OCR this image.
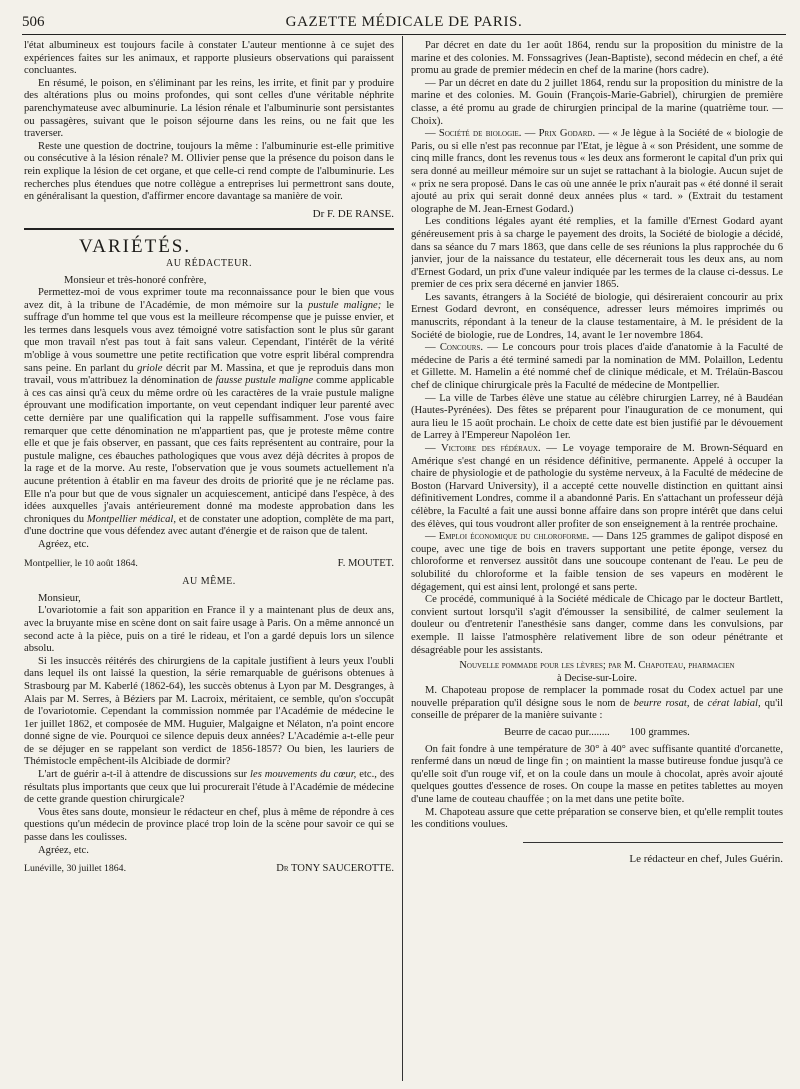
506	GAZETTE MÉDICALE DE PARIS.

l'état albumineux est toujours facile à constater L'auteur mentionne à ce sujet des expériences faites sur les animaux, et rapporte plusieurs observations qui paraissent concluantes.

En résumé, le poison, en s'éliminant par les reins, les irrite, et finit par y produire des altérations plus ou moins profondes, qui sont celles d'une véritable néphrite parenchymateuse avec albuminurie. La lésion rénale et l'albuminurie sont persistantes ou passagères, suivant que le poison séjourne dans les reins, ou ne fait que les traverser.

Reste une question de doctrine, toujours la même : l'albuminurie est-elle primitive ou consécutive à la lésion rénale? M. Ollivier pense que la présence du poison dans le rein explique la lésion de cet organe, et que celle-ci rend compte de l'albuminurie. Les recherches plus étendues que notre collègue a entreprises lui permettront sans doute, en généralisant la question, d'affirmer encore davantage sa manière de voir.

Dr F. DE RANSE.
VARIÉTÉS.

AU RÉDACTEUR.

Monsieur et très-honoré confrère,

Permettez-moi de vous exprimer toute ma reconnaissance pour le bien que vous avez dit, à la tribune de l'Académie, de mon mémoire sur la pustule maligne; le suffrage d'un homme tel que vous est la meilleure récompense que je puisse envier, et les termes dans lesquels vous avez témoigné votre satisfaction sont le plus sûr garant que mon travail n'est pas tout à fait sans valeur. Cependant, l'intérêt de la vérité m'oblige à vous soumettre une petite rectification que votre esprit libéral comprendra sans peine. En parlant du griole décrit par M. Massina, et que je reproduis dans mon travail, vous m'attribuez la dénomination de fausse pustule maligne comme applicable à ces cas ainsi qu'à ceux du même ordre où les caractères de la vraie pustule maligne éprouvant une modification importante, on veut cependant indiquer leur parenté avec cette dernière par une qualification qui la rappelle suffisamment. J'ose vous faire remarquer que cette dénomination ne m'appartient pas, que je proteste même contre elle et que je fais observer, en passant, que ces faits représentent au contraire, pour la pustule maligne, ces ébauches pathologiques que vous avez déjà décrites à propos de la rage et de la morve. Au reste, l'observation que je vous soumets actuellement n'a aucune prétention à établir en ma faveur des droits de priorité que je ne réclame pas. Elle n'a pour but que de vous signaler un acquiescement, anticipé dans l'espèce, à des idées auxquelles j'avais antérieurement donné ma modeste approbation dans les chroniques du Montpellier médical, et de constater une adoption, complète de ma part, d'une doctrine que vous défendez avec autant d'énergie et de raison que de talent.

Agréez, etc.

Montpellier, le 10 août 1864.	F. MOUTET.

AU MÊME.

Monsieur,

L'ovariotomie a fait son apparition en France il y a maintenant plus de deux ans, avec la bruyante mise en scène dont on sait faire usage à Paris. On a même annoncé un second acte à la pièce, puis on a tiré le rideau, et l'on a gardé depuis lors un silence absolu.

Si les insuccès réitérés des chirurgiens de la capitale justifient à leurs yeux l'oubli dans lequel ils ont laissé la question, la série remarquable de guérisons obtenues à Strasbourg par M. Kaberlé (1862-64), les succès obtenus à Lyon par M. Desgranges, à Alais par M. Serres, à Béziers par M. Lacroix, méritaient, ce semble, qu'on s'occupât de l'ovariotomie. Cependant la commission nommée par l'Académie de médecine le 1er juillet 1862, et composée de MM. Huguier, Malgaigne et Nélaton, n'a point encore donné signe de vie. Pourquoi ce silence depuis deux années? L'Académie a-t-elle peur de se déjuger en se rappelant son verdict de 1856-1857? Ou bien, les lauriers de Thémistocle empêchent-ils Alcibiade de dormir?

L'art de guérir a-t-il à attendre de discussions sur les mouvements du cœur, etc., des résultats plus importants que ceux que lui procurerait l'étude à l'Académie de médecine de cette grande question chirurgicale?

Vous êtes sans doute, monsieur le rédacteur en chef, plus à même de répondre à ces questions qu'un médecin de province placé trop loin de la scène pour savoir ce qui se passe dans les coulisses.

Agréez, etc.

Lunéville, 30 juillet 1864.	Dr TONY SAUCEROTTE.

Par décret en date du 1er août 1864, rendu sur la proposition du ministre de la marine et des colonies. M. Fonssagrives (Jean-Baptiste), second médecin en chef, a été promu au grade de premier médecin en chef de la marine (hors cadre).

— Par un décret en date du 2 juillet 1864, rendu sur la proposition du ministre de la marine et des colonies. M. Gouin (François-Marie-Gabriel), chirurgien de première classe, a été promu au grade de chirurgien principal de la marine (quatrième tour. — Choix).

— Société de biologie. — Prix Godard. — « Je lègue à la Société de « biologie de Paris, ou si elle n'est pas reconnue par l'Etat, je lègue à « son Président, une somme de cinq mille francs, dont les revenus tous « les deux ans formeront le capital d'un prix qui sera donné au meilleur mémoire sur un sujet se rattachant à la biologie. Aucun sujet de « prix ne sera proposé. Dans le cas où une année le prix n'aurait pas « été donné il serait ajouté au prix qui serait donné deux années plus « tard. » (Extrait du testament olographe de M. Jean-Ernest Godard.)

Les conditions légales ayant été remplies, et la famille d'Ernest Godard ayant généreusement pris à sa charge le payement des droits, la Société de biologie a décidé, dans sa séance du 7 mars 1863, que dans celle de ses réunions la plus rapprochée du 6 janvier, jour de la naissance du testateur, elle décernerait tous les deux ans, au nom d'Ernest Godard, un prix d'une valeur indiquée par les termes de la clause ci-dessus. Le premier de ces prix sera décerné en janvier 1865.

Les savants, étrangers à la Société de biologie, qui désireraient concourir au prix Ernest Godard devront, en conséquence, adresser leurs mémoires imprimés ou manuscrits, répondant à la teneur de la clause testamentaire, à M. le président de la Société de biologie, rue de Londres, 14, avant le 1er novembre 1864.

— Concours. — Le concours pour trois places d'aide d'anatomie à la Faculté de médecine de Paris a été terminé samedi par la nomination de MM. Polaillon, Ledentu et Gillette. M. Hamelin a été nommé chef de clinique médicale, et M. Trélaün-Bascou chef de clinique chirurgicale près la Faculté de médecine de Montpellier.

— La ville de Tarbes élève une statue au célèbre chirurgien Larrey, né à Baudéan (Hautes-Pyrénées). Des fêtes se préparent pour l'inauguration de ce monument, qui aura lieu le 15 août prochain. Le choix de cette date est bien justifié par le dévouement de Larrey à l'Empereur Napoléon 1er.

— Victoire des fédéraux. — Le voyage temporaire de M. Brown-Séquard en Amérique s'est changé en un résidence définitive, permanente. Appelé à occuper la chaire de physiologie et de pathologie du système nerveux, à la Faculté de médecine de Boston (Harvard University), il a accepté cette nouvelle distinction en quittant ainsi définitivement Londres, comme il a abandonné Paris. En s'attachant un professeur déjà célèbre, la Faculté a fait une aussi bonne affaire dans son propre intérêt que dans celui des élèves, qui tous voudront aller profiter de son enseignement à la rentrée prochaine.

— Emploi économique du chloroforme. — Dans 125 grammes de galipot disposé en coupe, avec une tige de bois en travers supportant une petite éponge, versez du chloroforme et renversez aussitôt dans une soucoupe contenant de l'eau. Le peu de solubilité du chloroforme et la faible tension de ses vapeurs en modèrent le dégagement, qui est ainsi lent, prolongé et sans perte.

Ce procédé, communiqué à la Société médicale de Chicago par le docteur Bartlett, convient surtout lorsqu'il s'agit d'émousser la sensibilité, de calmer seulement la douleur ou d'entretenir l'anesthésie sans danger, comme dans les convulsions, par exemple. Il laisse l'atmosphère relativement libre de son odeur pénétrante et désagréable pour les assistants.

Nouvelle pommade pour les lèvres; par M. Chapoteau, pharmacien

à Decise-sur-Loire.

M. Chapoteau propose de remplacer la pommade rosat du Codex actuel par une nouvelle préparation qu'il désigne sous le nom de beurre rosat, de cérat labial, qu'il conseille de préparer de la manière suivante :

Beurre de cacao pur........ 100 grammes.

On fait fondre à une température de 30° à 40° avec suffisante quantité d'orcanette, renfermé dans un nœud de linge fin ; on maintient la masse butireuse fondue jusqu'à ce qu'elle soit d'un rouge vif, et on la coule dans un moule à chocolat, après avoir ajouté quelques gouttes d'essence de roses. On coupe la masse en petites tablettes au moyen d'une lame de couteau chauffée ; on la met dans une petite boîte.

M. Chapoteau assure que cette préparation se conserve bien, et qu'elle remplit toutes les conditions voulues.

Le rédacteur en chef, Jules Guérin.
